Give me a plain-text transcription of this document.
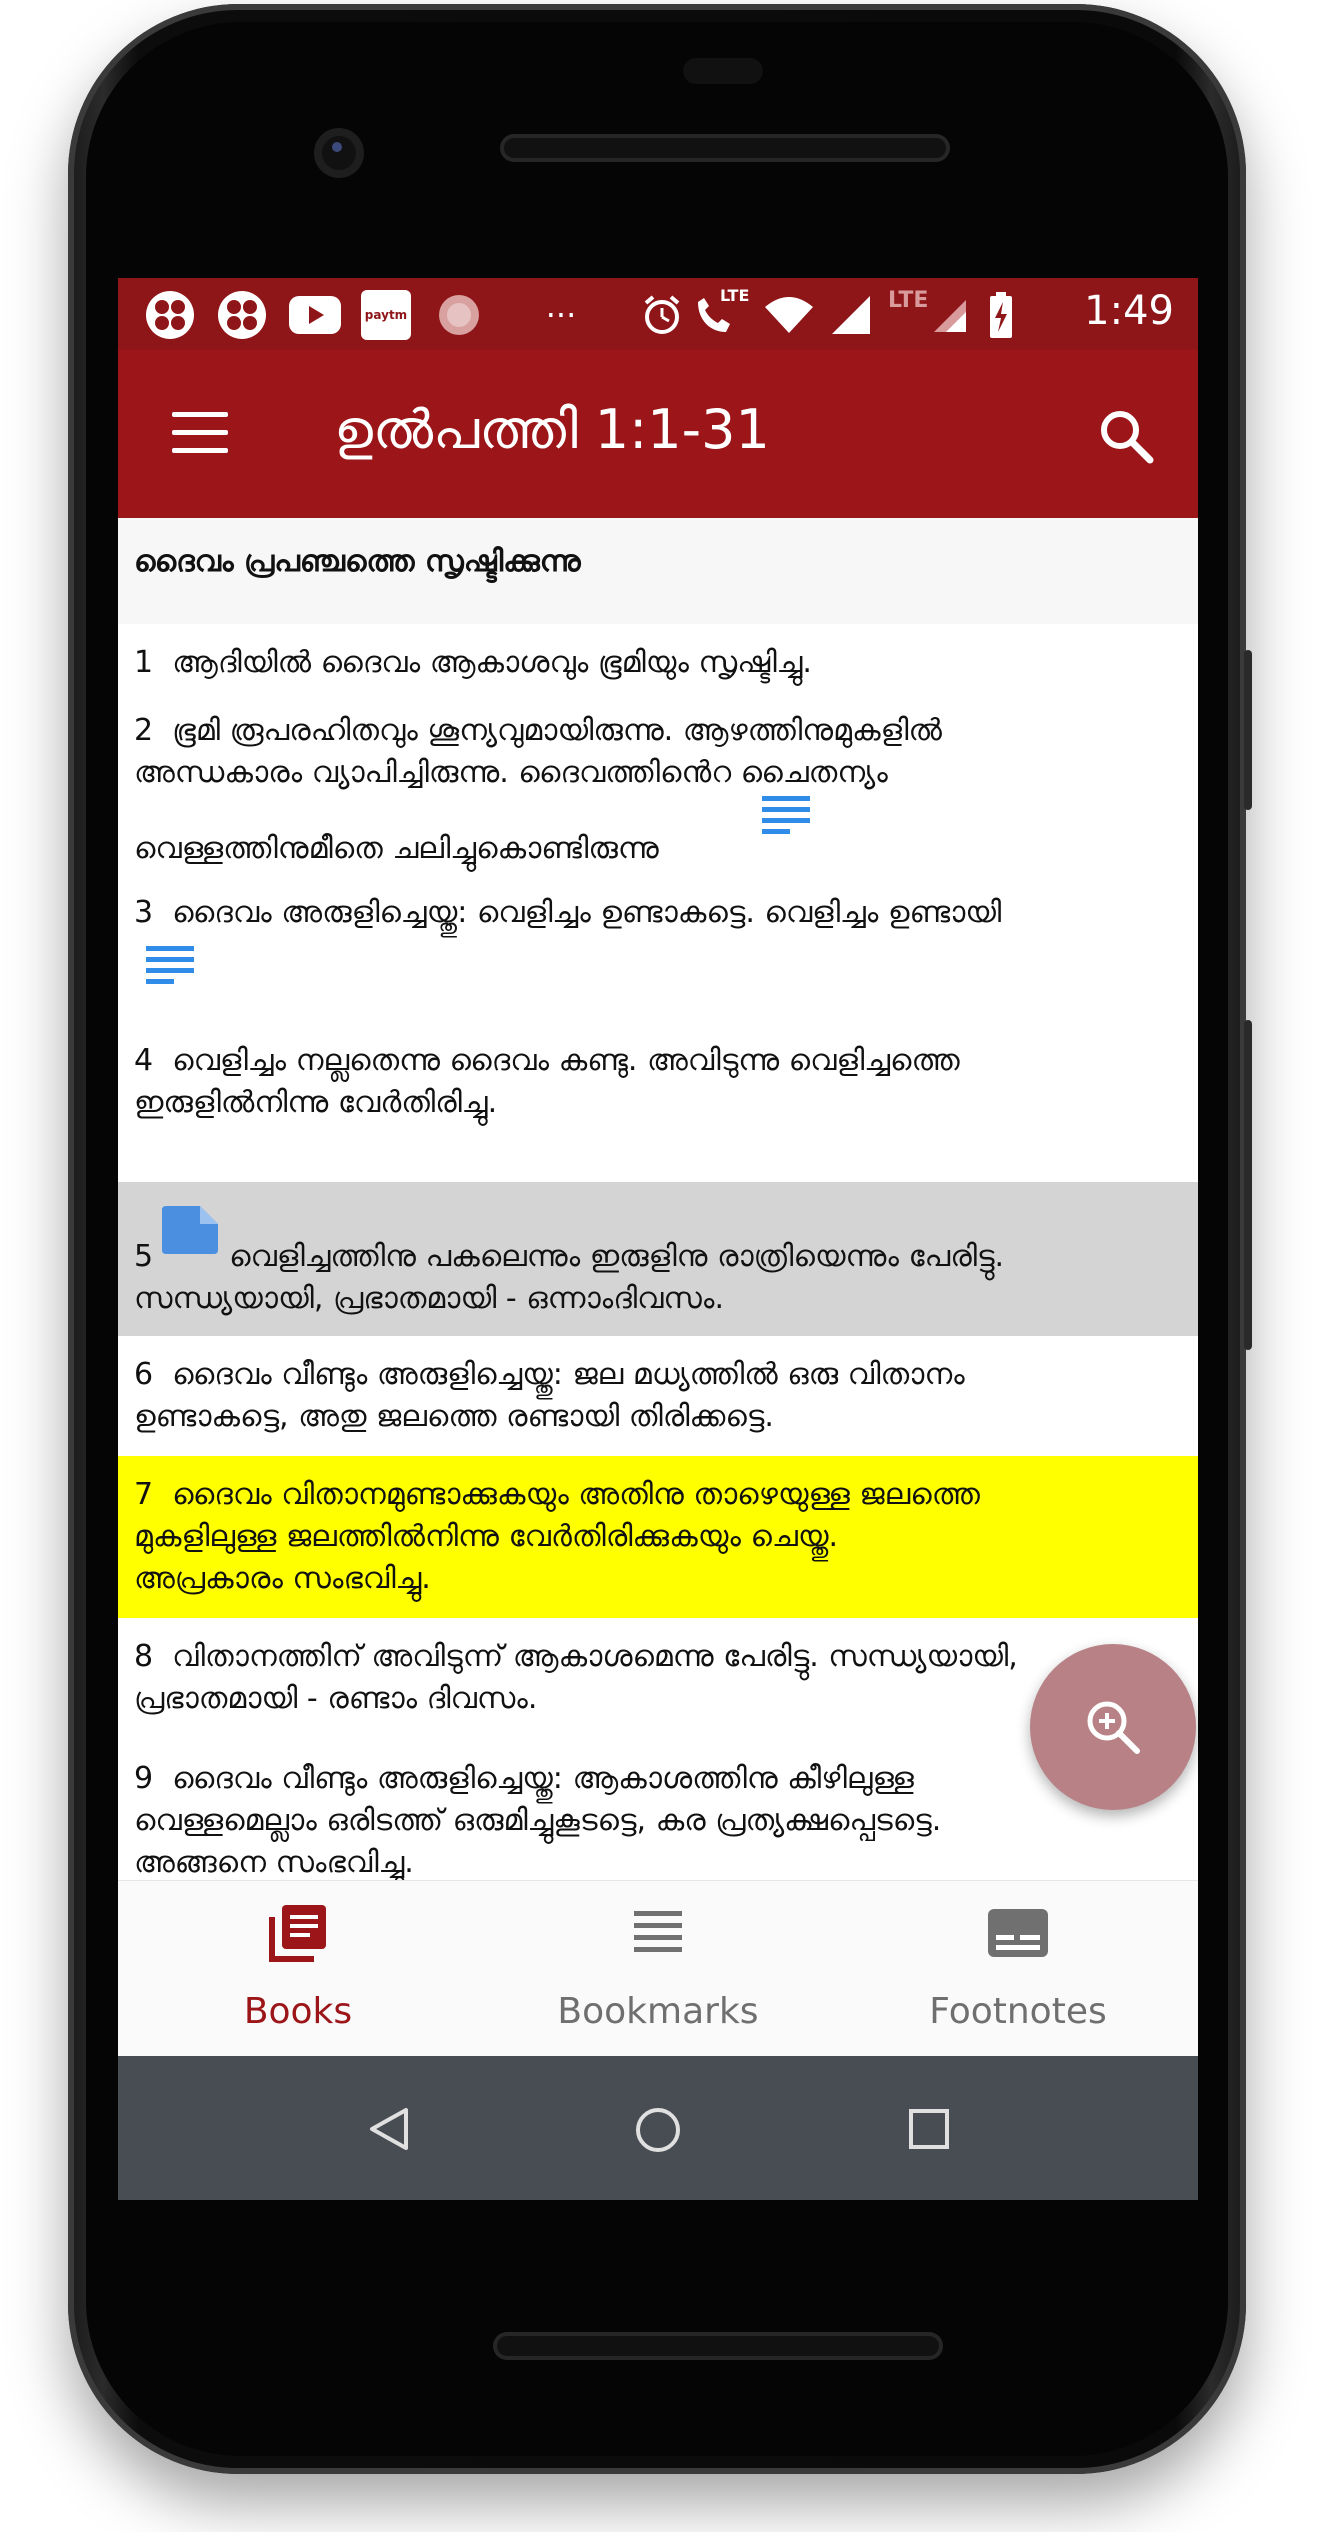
paytm	···
LTE	LTE	1:49
ഉൽപത്തി 1:1-31
ദൈവം പ്രപഞ്ചത്തെ സൃഷ്ടിക്കുന്നു

1 ആദിയിൽ ദൈവം ആകാശവും ഭൂമിയും സൃഷ്ടിച്ചു.

2 ഭൂമി രൂപരഹിതവും ശൂന്യവുമായിരുന്നു. ആഴത്തിനുമുകളിൽ

അന്ധകാരം വ്യാപിച്ചിരുന്നു. ദൈവത്തിൻെറ ചൈതന്യം

വെള്ളത്തിനുമീതെ ചലിച്ചുകൊണ്ടിരുന്നു

3 ദൈവം അരുളിച്ചെയ്തു: വെളിച്ചം ഉണ്ടാകട്ടെ. വെളിച്ചം ഉണ്ടായി

4 വെളിച്ചം നല്ലതെന്നു ദൈവം കണ്ടു. അവിടുന്നു വെളിച്ചത്തെ

ഇരുളിൽനിന്നു വേർതിരിച്ചു.

5	വെളിച്ചത്തിനു പകലെന്നും ഇരുളിനു രാത്രിയെന്നും പേരിട്ടു.

സന്ധ്യയായി, പ്രഭാതമായി - ഒന്നാംദിവസം.

6 ദൈവം വീണ്ടും അരുളിച്ചെയ്തു: ജല മധ്യത്തിൽ ഒരു വിതാനം

ഉണ്ടാകട്ടെ, അതു ജലത്തെ രണ്ടായി തിരിക്കട്ടെ.

7 ദൈവം വിതാനമുണ്ടാക്കുകയും അതിനു താഴെയുള്ള ജലത്തെ

മുകളിലുള്ള ജലത്തിൽനിന്നു വേർതിരിക്കുകയും ചെയ്തു.

അപ്രകാരം സംഭവിച്ചു.

8 വിതാനത്തിന് അവിടുന്ന് ആകാശമെന്നു പേരിട്ടു. സന്ധ്യയായി,

പ്രഭാതമായി - രണ്ടാം ദിവസം.

9 ദൈവം വീണ്ടും അരുളിച്ചെയ്തു: ആകാശത്തിനു കീഴിലുള്ള

വെള്ളമെല്ലാം ഒരിടത്ത് ഒരുമിച്ചുകൂടട്ടെ, കര പ്രത്യക്ഷപ്പെടട്ടെ.

അങ്ങനെ സംഭവിച്ചു.

Books	Bookmarks	Footnotes
